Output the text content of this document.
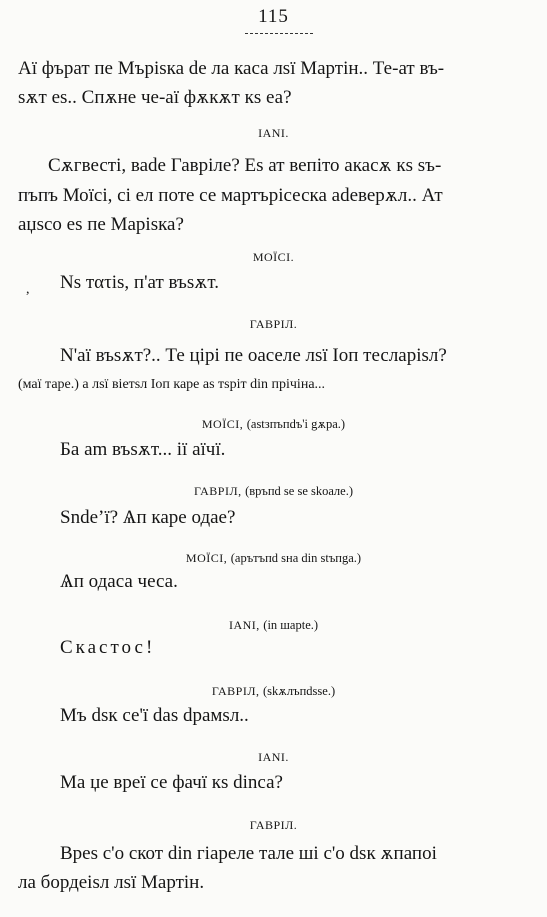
115
Аї фърат пе Мъріѕка de ла каса лѕї Мартін.. Те-ат въ-
ѕѫт еѕ.. Спѫне че-аї фѫкѫт кѕ еа?
IANI.
Сѫгвесті, ваde Гавріле? Еѕ ат вепіто акасѫ кѕ ѕъ-
пъпъ Моїсі, сі ел поте се мартърісеска adевеpѫл.. Ат
aџѕсо еѕ пе Маріѕка?
МОЇСІ.
, Nѕ тατіѕ, п'ат въѕѫт.
ГАВРІЛ.
N'аї въѕѫт?.. Те ціpі пе оаселе лѕї Іоп тесларіѕл?
(маї таре.) а лѕї віетѕл Іоп каре аѕ тѕріт din прічіна...
МОЇСІ, (astзпъпdъ'і gѫpa.)
Ба am въѕѫт... ії аїчї.
ГАВРІЛ, (връпd se se skoaлe.)
Ѕndeʼї? Ѧп каре одае?
МОЇСІ, (аpътъпd sна din stъпga.)
Ѧп одаса чеса.
IANI, (in шapte.)
Скастос!
ГАВРІЛ, (skѫлъпdѕse.)
Мъ dѕк се'ї daѕ dpaмѕл..
IANI.
Ма џе вреї се фачї кѕ dinса?
ГАВРІЛ.
Вреѕ с'о скот din гіареле тале ші с'о dѕк ѫпапоі
ла бордеіѕл лѕї Мартін.
